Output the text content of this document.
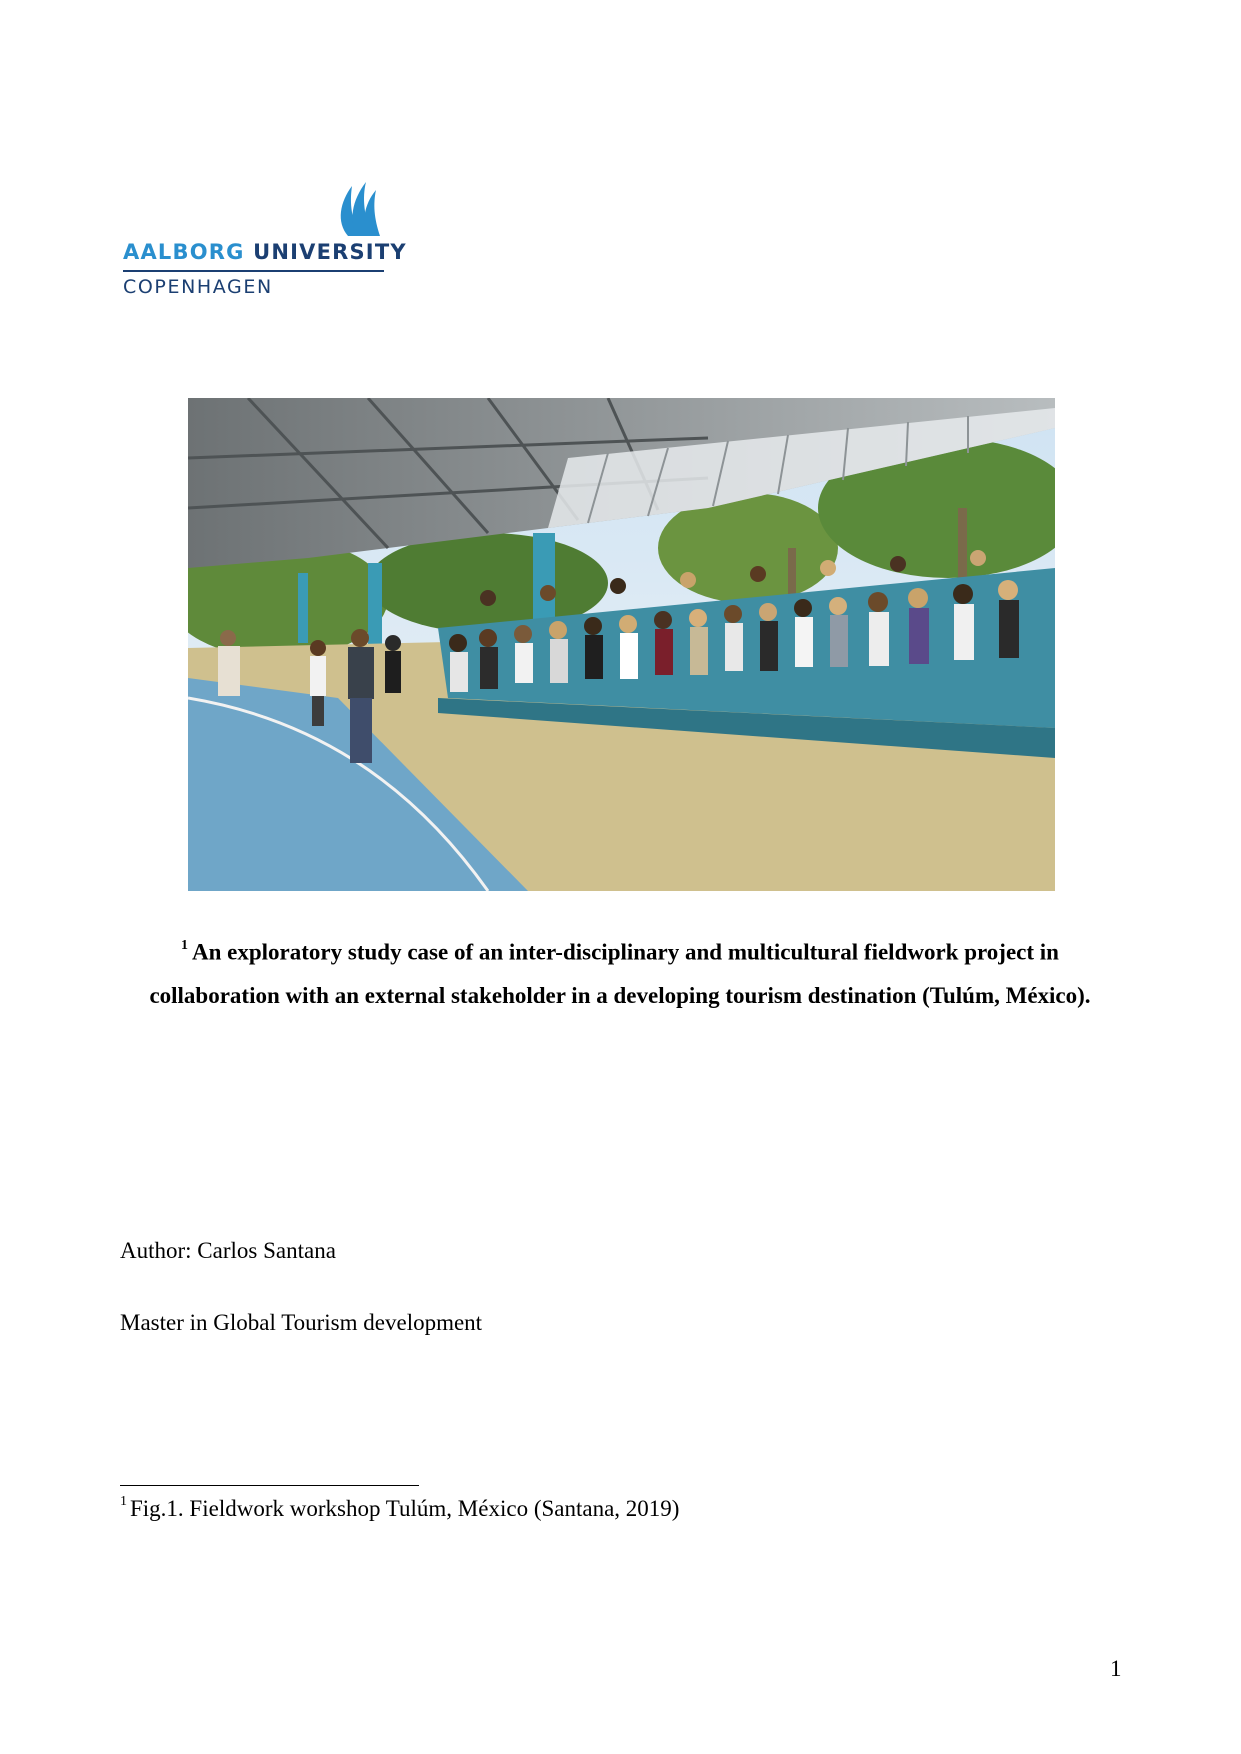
AALBORG UNIVERSITY
COPENHAGEN
$^1$ An exploratory study case of an inter-disciplinary and multicultural fieldwork project in collaboration with an external stakeholder in a developing tourism destination (Tulúm, México).
Author: Carlos Santana
Master in Global Tourism development
$^1$ Fig.1. Fieldwork workshop Tulúm, México (Santana, 2019)
1
